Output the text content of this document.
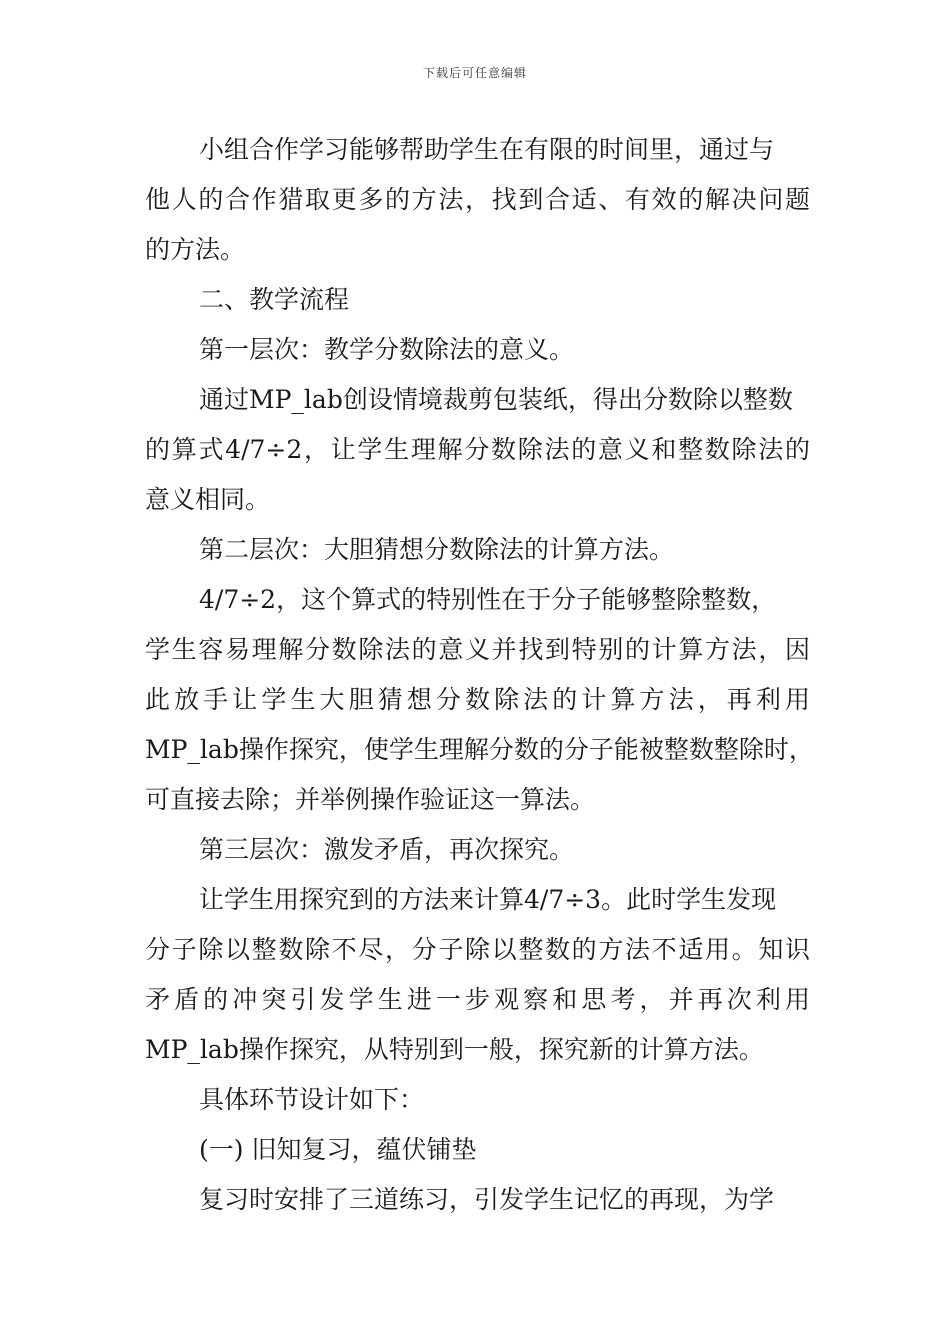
下载后可任意编辑
小组合作学习能够帮助学生在有限的时间里，通过与
他人的合作猎取更多的方法，找到合适、有效的解决问题
的方法。
二、教学流程
第一层次：教学分数除法的意义。
通过MP_lab创设情境裁剪包装纸，得出分数除以整数
的算式4/7÷2，让学生理解分数除法的意义和整数除法的
意义相同。
第二层次：大胆猜想分数除法的计算方法。
4/7÷2，这个算式的特别性在于分子能够整除整数，
学生容易理解分数除法的意义并找到特别的计算方法，因
此放手让学生大胆猜想分数除法的计算方法，再利用
MP_lab操作探究，使学生理解分数的分子能被整数整除时，
可直接去除；并举例操作验证这一算法。
第三层次：激发矛盾，再次探究。
让学生用探究到的方法来计算4/7÷3。此时学生发现
分子除以整数除不尽，分子除以整数的方法不适用。知识
矛盾的冲突引发学生进一步观察和思考，并再次利用
MP_lab操作探究，从特别到一般，探究新的计算方法。
具体环节设计如下：
(一) 旧知复习，蕴伏铺垫
复习时安排了三道练习，引发学生记忆的再现，为学
